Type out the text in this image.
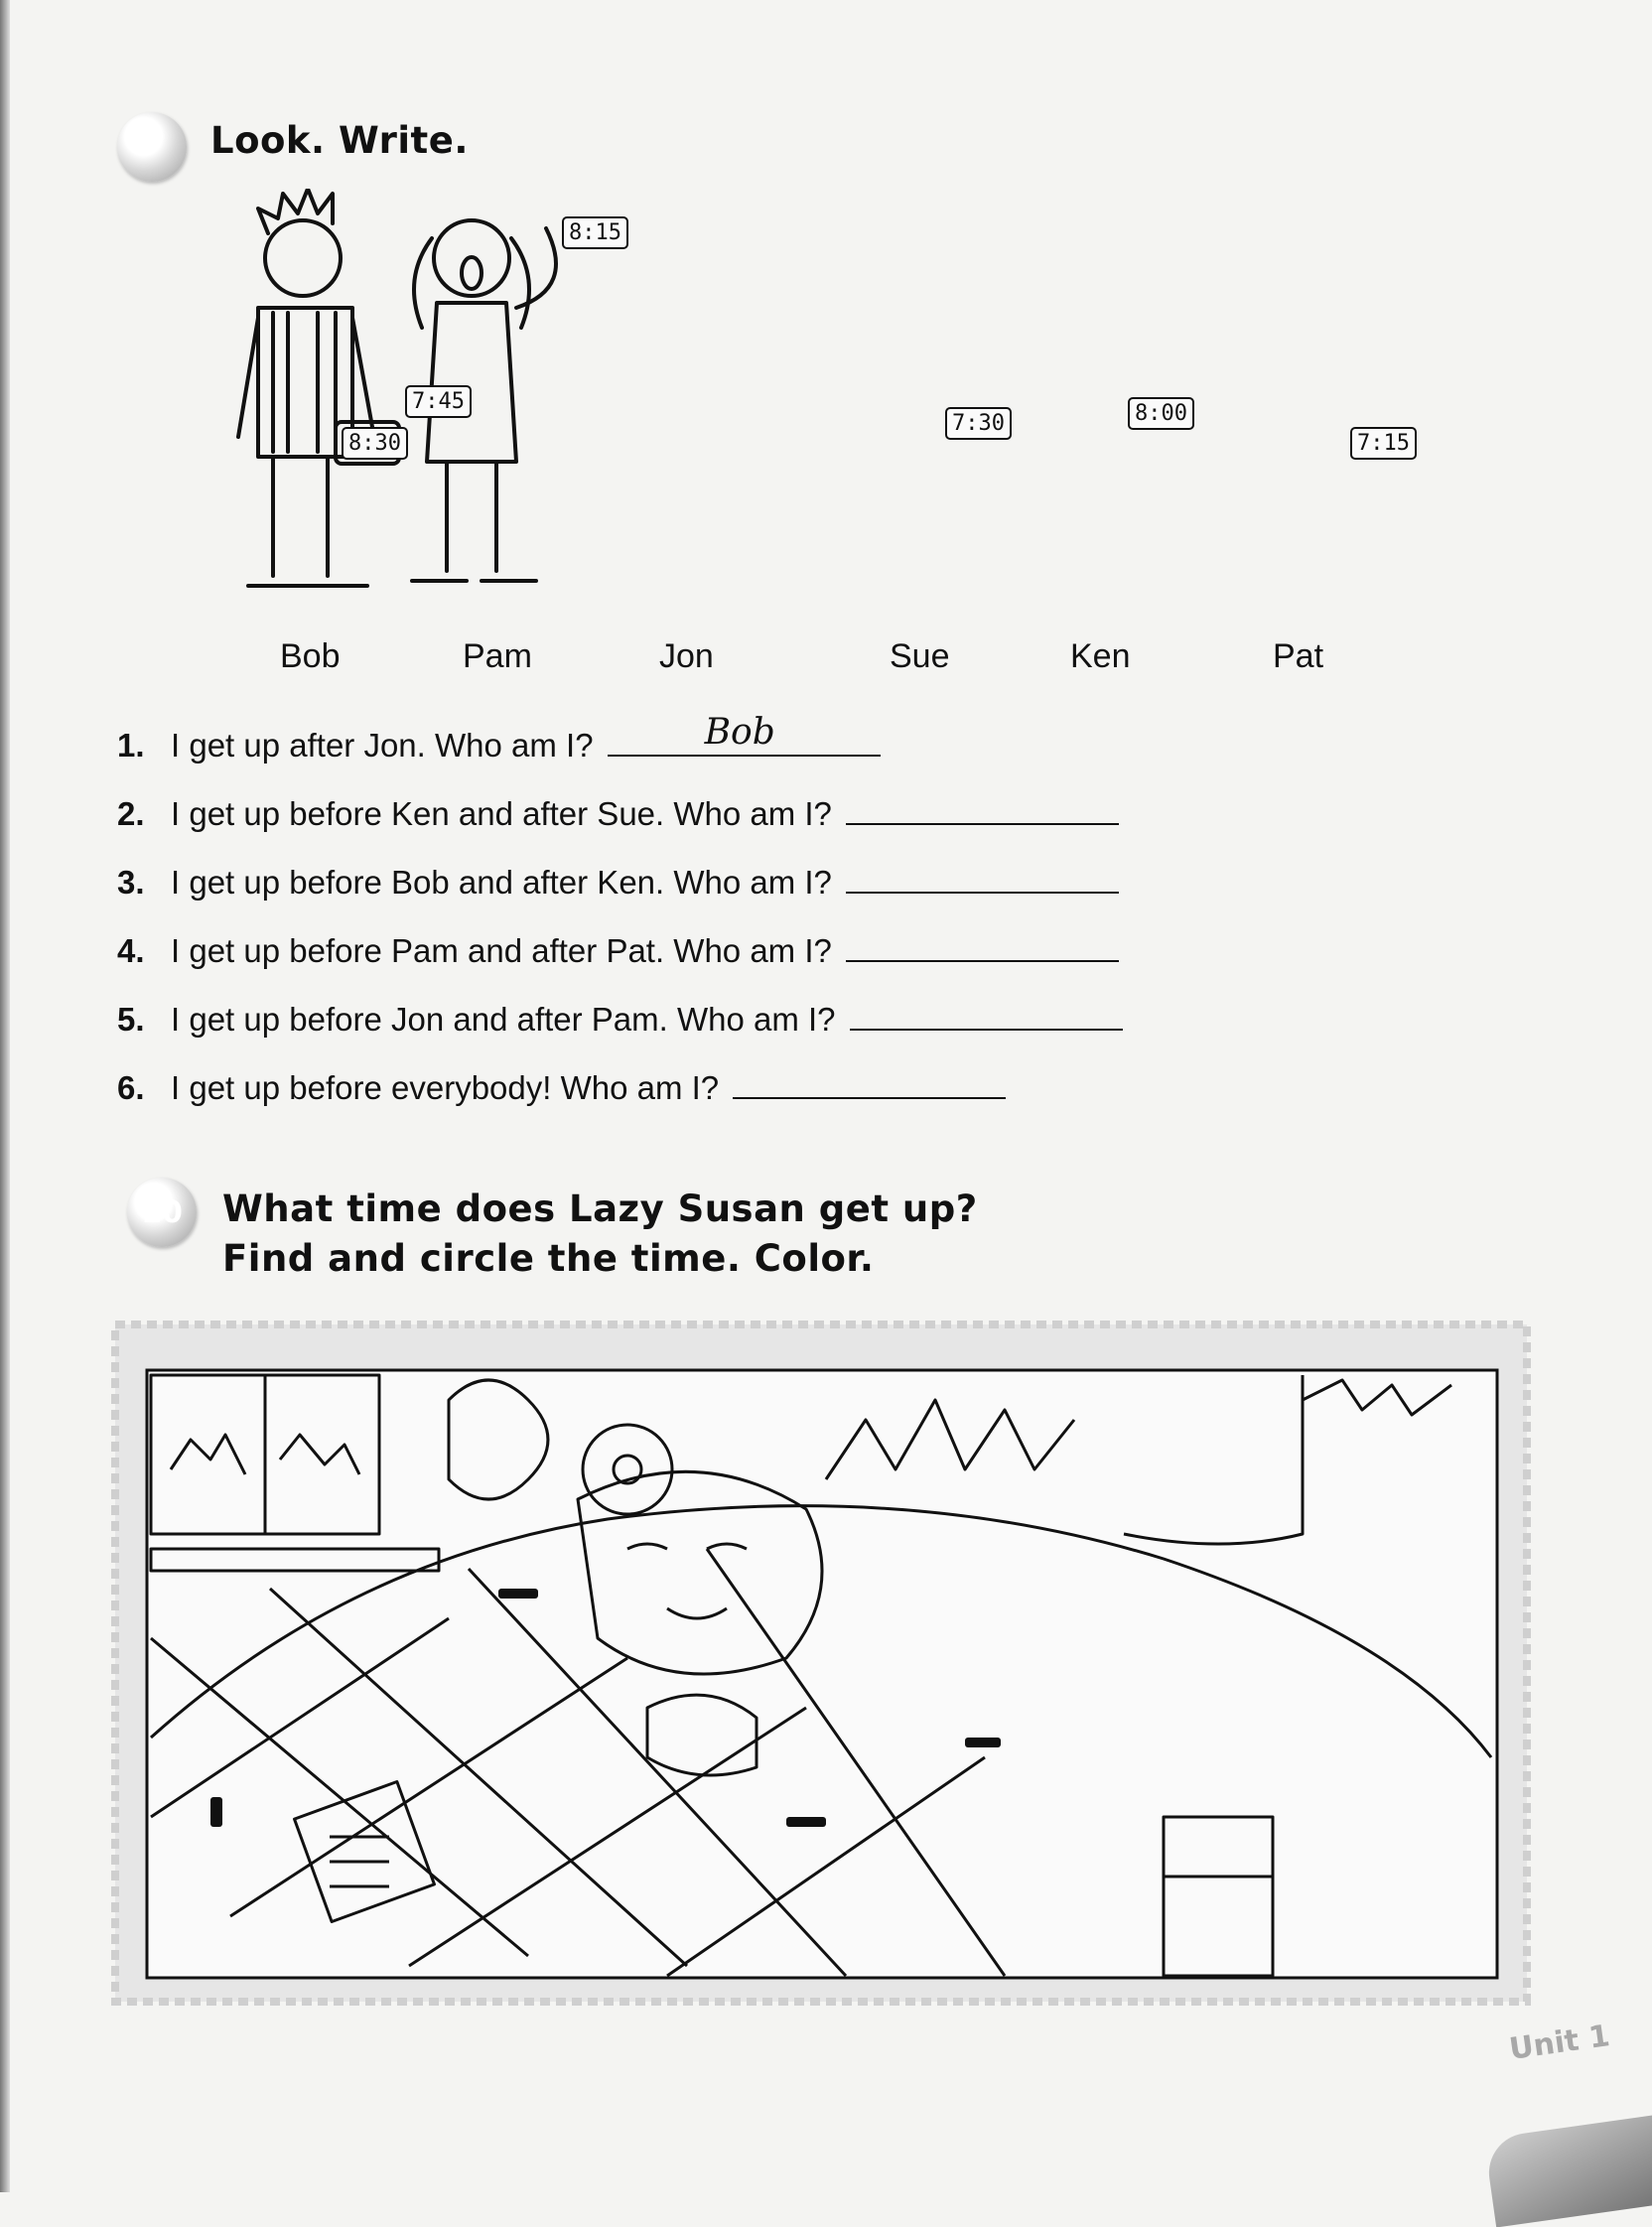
Look. Write.
8:30
7:45
8:15
7:30	8:00
7:15
Bob	Pam	Jon	Sue	Ken	Pat
1. I get up after Jon. Who am I?	Bob
2. I get up before Ken and after Sue. Who am I?
3. I get up before Bob and after Ken. Who am I?
4. I get up before Pam and after Pat. Who am I?
5. I get up before Jon and after Pam. Who am I?
6. I get up before everybody! Who am I?
10 What time does Lazy Susan get up?
Find and circle the time. Color.
Unit 1
